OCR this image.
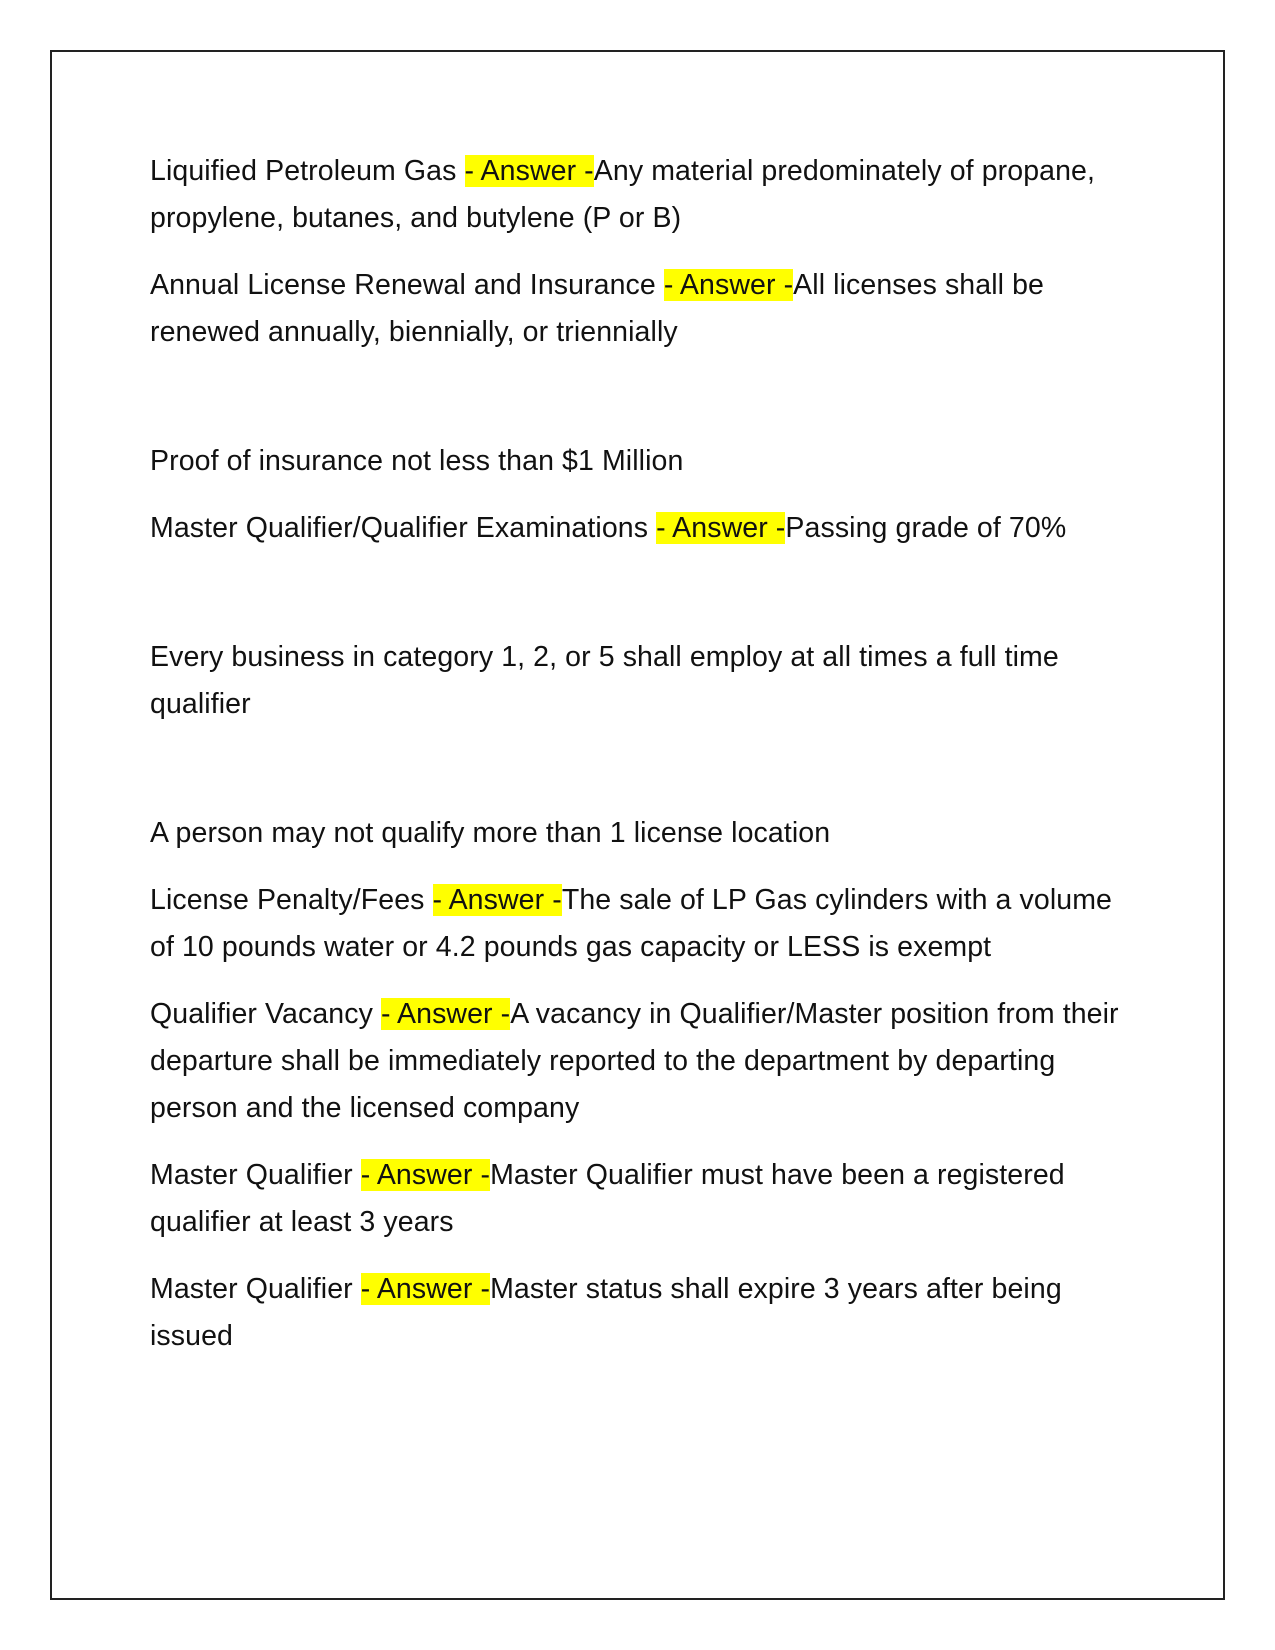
Liquified Petroleum Gas - Answer -Any material predominately of propane, propylene, butanes, and butylene (P or B)

Annual License Renewal and Insurance - Answer -All licenses shall be renewed annually, biennially, or triennially

Proof of insurance not less than $1 Million

Master Qualifier/Qualifier Examinations - Answer -Passing grade of 70%

Every business in category 1, 2, or 5 shall employ at all times a full time qualifier

A person may not qualify more than 1 license location

License Penalty/Fees - Answer -The sale of LP Gas cylinders with a volume of 10 pounds water or 4.2 pounds gas capacity or LESS is exempt

Qualifier Vacancy - Answer -A vacancy in Qualifier/Master position from their departure shall be immediately reported to the department by departing person and the licensed company

Master Qualifier - Answer -Master Qualifier must have been a registered qualifier at least 3 years

Master Qualifier - Answer -Master status shall expire 3 years after being issued
